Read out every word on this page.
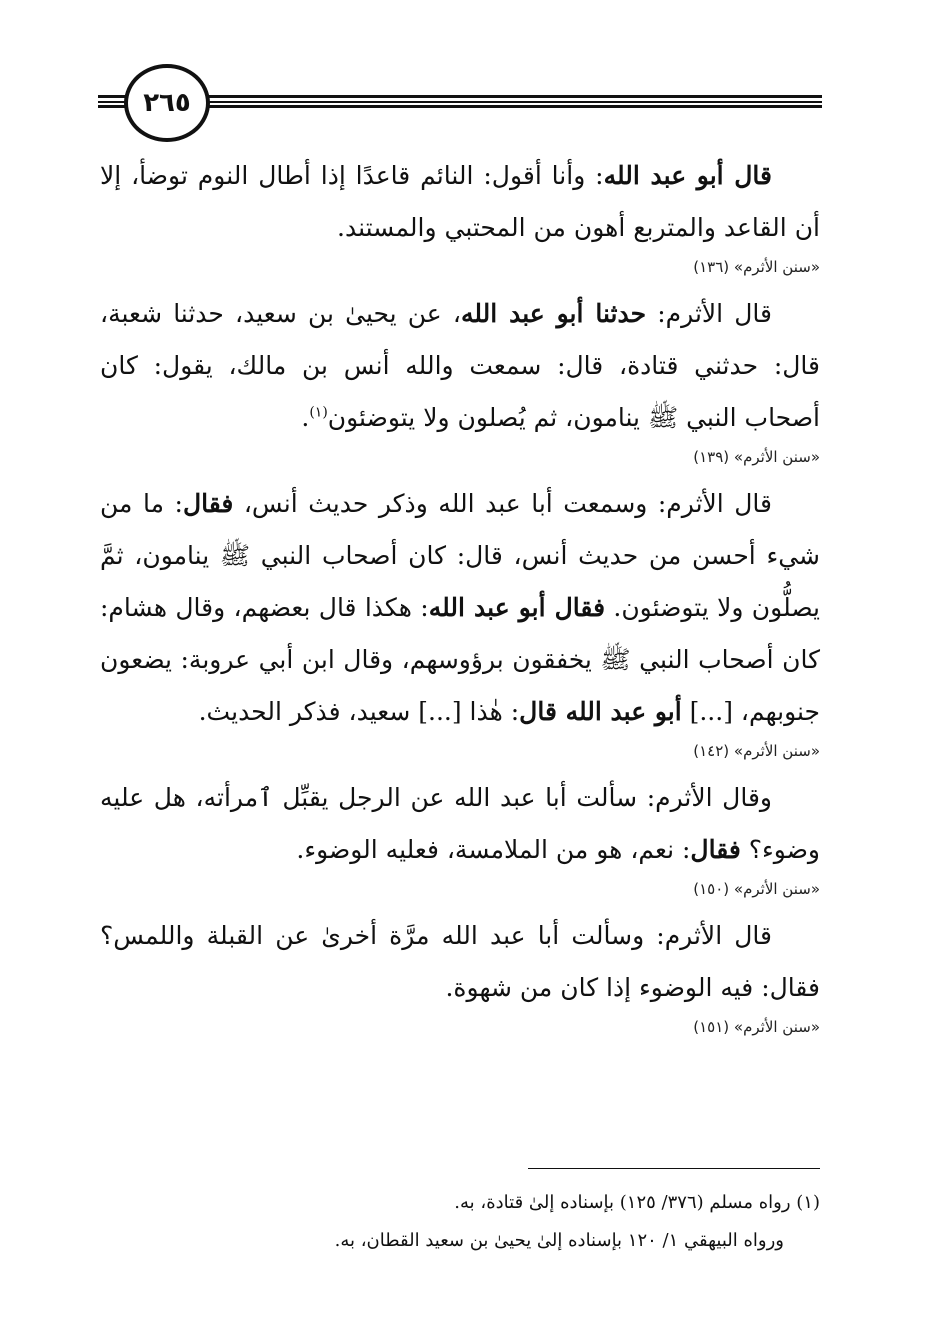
٢٦٥

قال أبو عبد الله: وأنا أقول: النائم قاعدًا إذا أطال النوم توضأ، إلا أن القاعد والمتربع أهون من المحتبي والمستند.

«سنن الأثرم» (١٣٦)

قال الأثرم: حدثنا أبو عبد الله، عن يحيىٰ بن سعيد، حدثنا شعبة، قال: حدثني قتادة، قال: سمعت والله أنس بن مالك، يقول: كان أصحاب النبي ﷺ ينامون، ثم يُصلون ولا يتوضئون$^{(١)}$.

«سنن الأثرم» (١٣٩)

قال الأثرم: وسمعت أبا عبد الله وذكر حديث أنس، فقال: ما من شيء أحسن من حديث أنس، قال: كان أصحاب النبي ﷺ ينامون، ثمَّ يصلُّون ولا يتوضئون. فقال أبو عبد الله: هكذا قال بعضهم، وقال هشام: كان أصحاب النبي ﷺ يخفقون برؤوسهم، وقال ابن أبي عروبة: يضعون جنوبهم، [...] أبو عبد الله قال: هٰذا [...] سعيد، فذكر الحديث.

«سنن الأثرم» (١٤٢)

وقال الأثرم: سألت أبا عبد الله عن الرجل يقبِّل ٱمرأته، هل عليه وضوء؟ فقال: نعم، هو من الملامسة، فعليه الوضوء.

«سنن الأثرم» (١٥٠)

قال الأثرم: وسألت أبا عبد الله مرَّة أخرىٰ عن القبلة واللمس؟ فقال: فيه الوضوء إذا كان من شهوة.

«سنن الأثرم» (١٥١)

(١) رواه مسلم (٣٧٦/ ١٢٥) بإسناده إلىٰ قتادة، به.

ورواه البيهقي ١/ ١٢٠ بإسناده إلىٰ يحيىٰ بن سعيد القطان، به.
